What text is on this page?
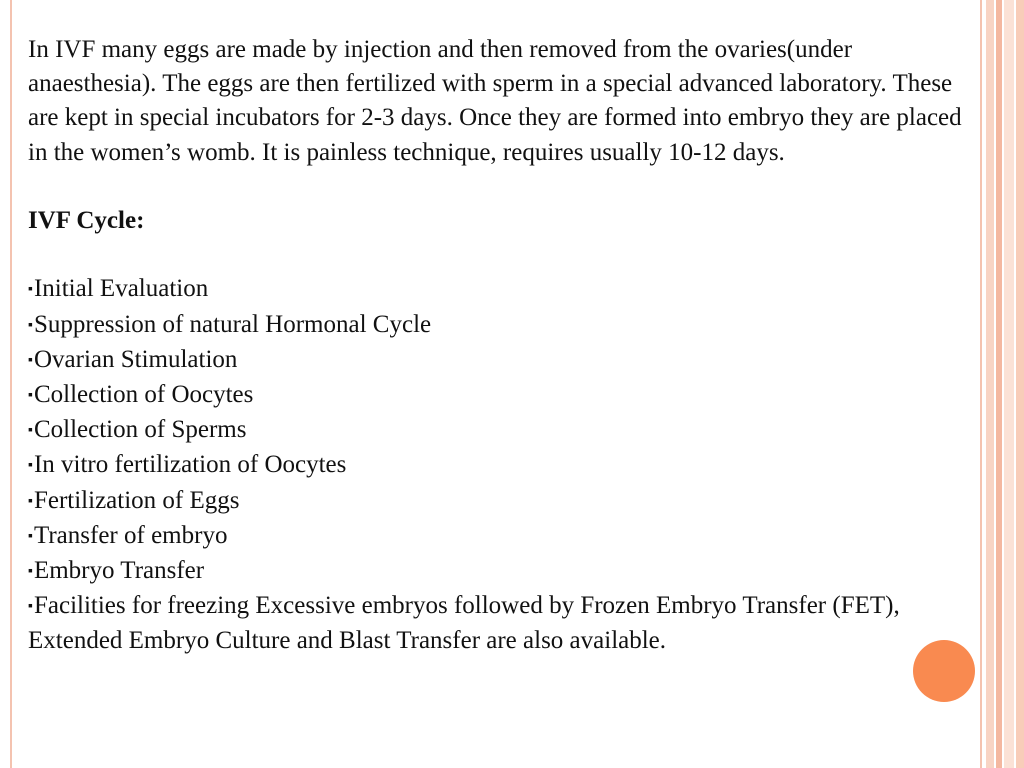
In IVF many eggs are made by injection and then removed from the ovaries(under anaesthesia). The eggs are then fertilized with sperm in a special advanced laboratory. These are kept in special incubators for 2-3 days. Once they are formed into embryo they are placed in the women’s womb. It is painless technique, requires usually 10-12 days.

IVF Cycle:

▪Initial Evaluation
▪Suppression of natural Hormonal Cycle
▪Ovarian Stimulation
▪Collection of Oocytes
▪Collection of Sperms
▪In vitro fertilization of Oocytes
▪Fertilization of Eggs
▪Transfer of embryo
▪Embryo Transfer
▪Facilities for freezing Excessive embryos followed by Frozen Embryo Transfer (FET), Extended Embryo Culture and Blast Transfer are also available.
